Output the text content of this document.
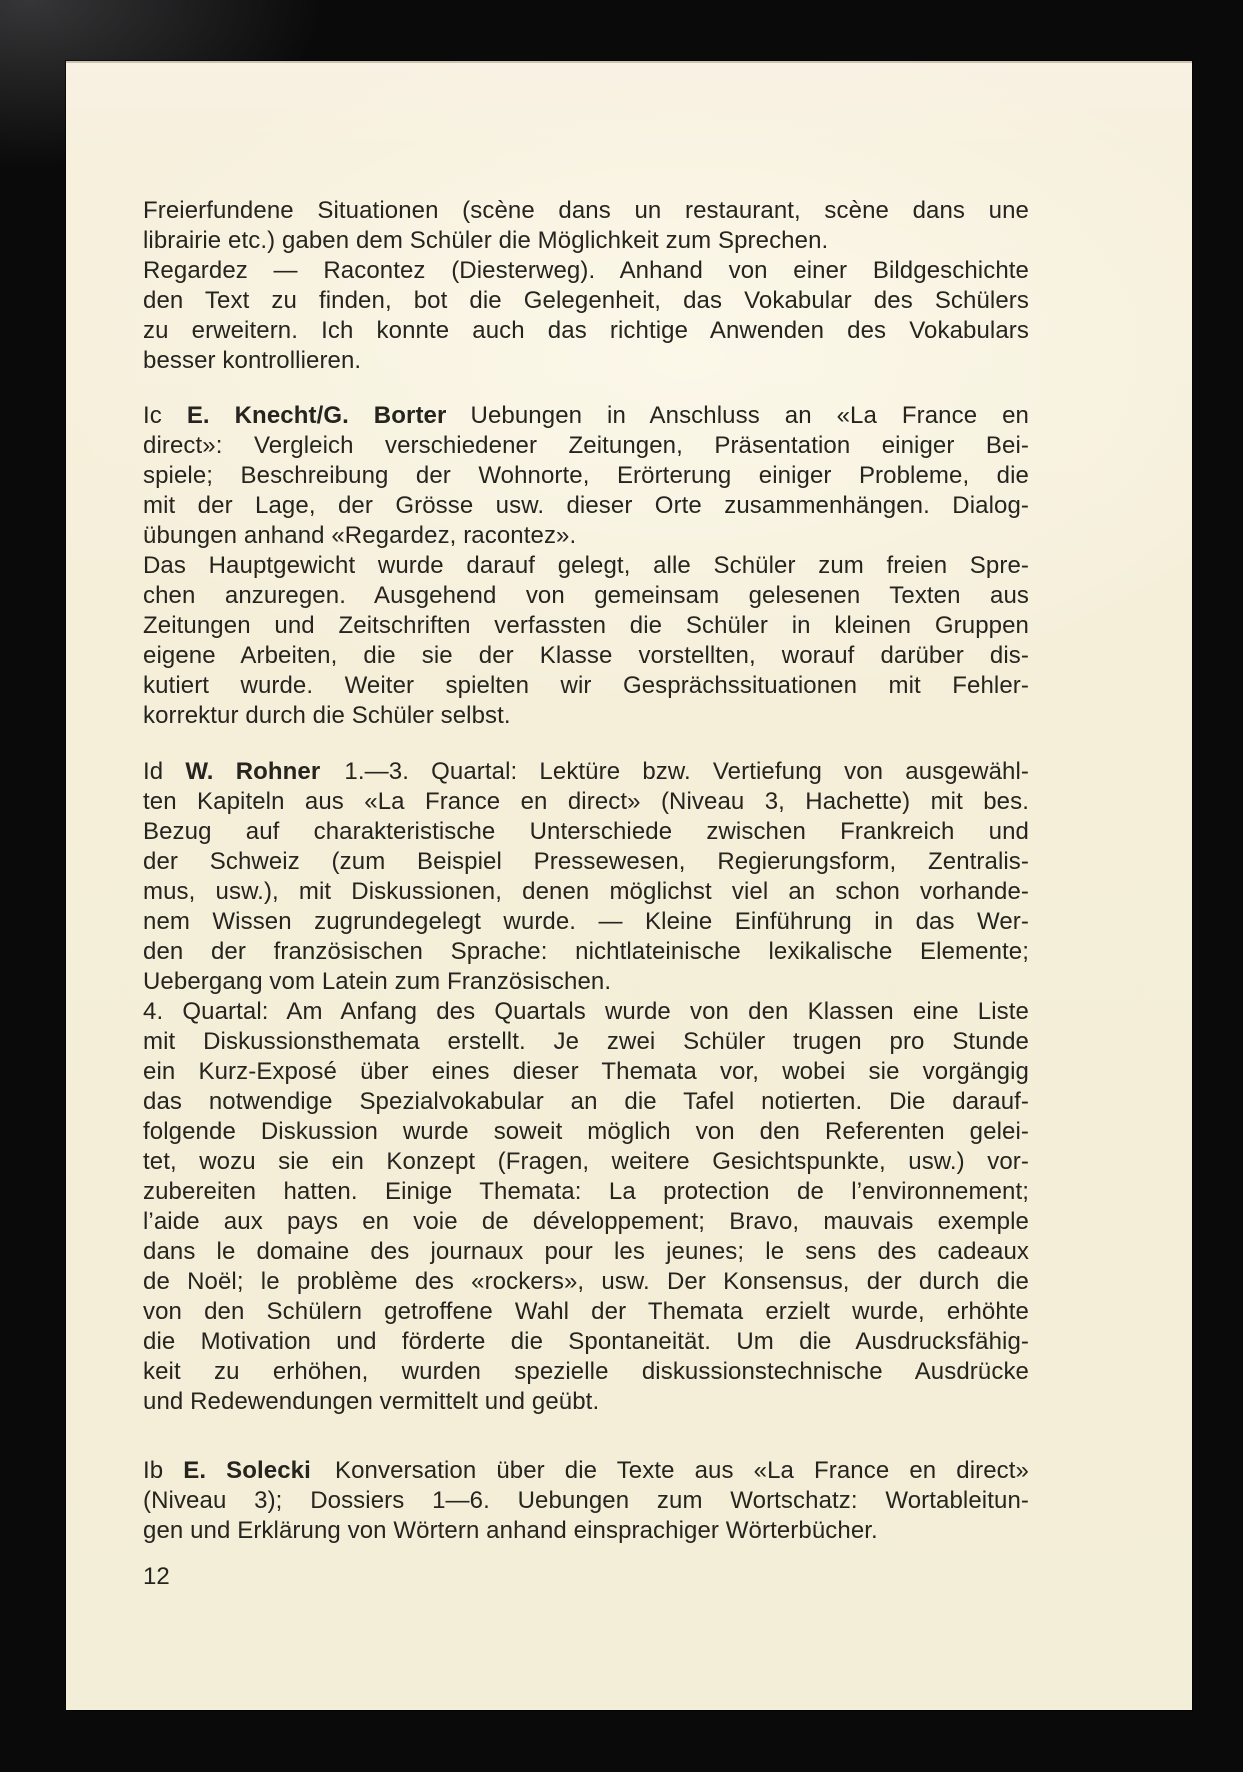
Freierfundene Situationen (scène dans un restaurant, scène dans une
librairie etc.) gaben dem Schüler die Möglichkeit zum Sprechen.
Regardez — Racontez (Diesterweg). Anhand von einer Bildgeschichte
den Text zu finden, bot die Gelegenheit, das Vokabular des Schülers
zu erweitern. Ich konnte auch das richtige Anwenden des Vokabulars
besser kontrollieren.
Ic E. Knecht/G. Borter Uebungen in Anschluss an «La France en
direct»: Vergleich verschiedener Zeitungen, Präsentation einiger Bei-
spiele; Beschreibung der Wohnorte, Erörterung einiger Probleme, die
mit der Lage, der Grösse usw. dieser Orte zusammenhängen. Dialog-
übungen anhand «Regardez, racontez».
Das Hauptgewicht wurde darauf gelegt, alle Schüler zum freien Spre-
chen anzuregen. Ausgehend von gemeinsam gelesenen Texten aus
Zeitungen und Zeitschriften verfassten die Schüler in kleinen Gruppen
eigene Arbeiten, die sie der Klasse vorstellten, worauf darüber dis-
kutiert wurde. Weiter spielten wir Gesprächssituationen mit Fehler-
korrektur durch die Schüler selbst.
Id W. Rohner 1.—3. Quartal: Lektüre bzw. Vertiefung von ausgewähl-
ten Kapiteln aus «La France en direct» (Niveau 3, Hachette) mit bes.
Bezug auf charakteristische Unterschiede zwischen Frankreich und
der Schweiz (zum Beispiel Pressewesen, Regierungsform, Zentralis-
mus, usw.), mit Diskussionen, denen möglichst viel an schon vorhande-
nem Wissen zugrundegelegt wurde. — Kleine Einführung in das Wer-
den der französischen Sprache: nichtlateinische lexikalische Elemente;
Uebergang vom Latein zum Französischen.
4. Quartal: Am Anfang des Quartals wurde von den Klassen eine Liste
mit Diskussionsthemata erstellt. Je zwei Schüler trugen pro Stunde
ein Kurz-Exposé über eines dieser Themata vor, wobei sie vorgängig
das notwendige Spezialvokabular an die Tafel notierten. Die darauf-
folgende Diskussion wurde soweit möglich von den Referenten gelei-
tet, wozu sie ein Konzept (Fragen, weitere Gesichtspunkte, usw.) vor-
zubereiten hatten. Einige Themata: La protection de l’environnement;
l’aide aux pays en voie de développement; Bravo, mauvais exemple
dans le domaine des journaux pour les jeunes; le sens des cadeaux
de Noël; le problème des «rockers», usw. Der Konsensus, der durch die
von den Schülern getroffene Wahl der Themata erzielt wurde, erhöhte
die Motivation und förderte die Spontaneität. Um die Ausdrucksfähig-
keit zu erhöhen, wurden spezielle diskussionstechnische Ausdrücke
und Redewendungen vermittelt und geübt.
Ib E. Solecki Konversation über die Texte aus «La France en direct»
(Niveau 3); Dossiers 1—6. Uebungen zum Wortschatz: Wortableitun-
gen und Erklärung von Wörtern anhand einsprachiger Wörterbücher.
12
